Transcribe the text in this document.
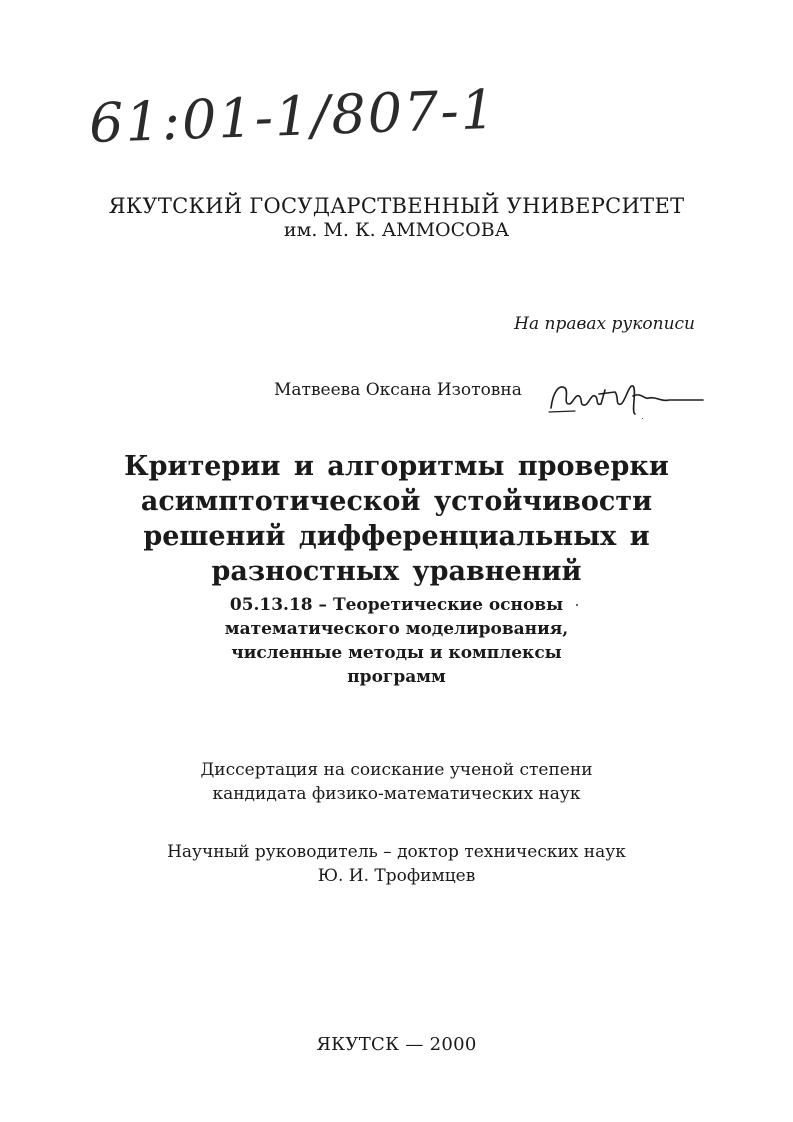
61:01-1/807-1
ЯКУТСКИЙ ГОСУДАРСТВЕННЫЙ УНИВЕРСИТЕТ
им. М. К. АММОСОВА
На правах рукописи
Матвеева Оксана Изотовна
Критерии и алгоритмы проверки
асимптотической устойчивости
решений дифференциальных и
разностных уравнений
05.13.18 – Теоретические основы
математического моделирования,
численные методы и комплексы
программ
Диссертация на соискание ученой степени
кандидата физико-математических наук
Научный руководитель – доктор технических наук
Ю. И. Трофимцев
ЯКУТСК — 2000
